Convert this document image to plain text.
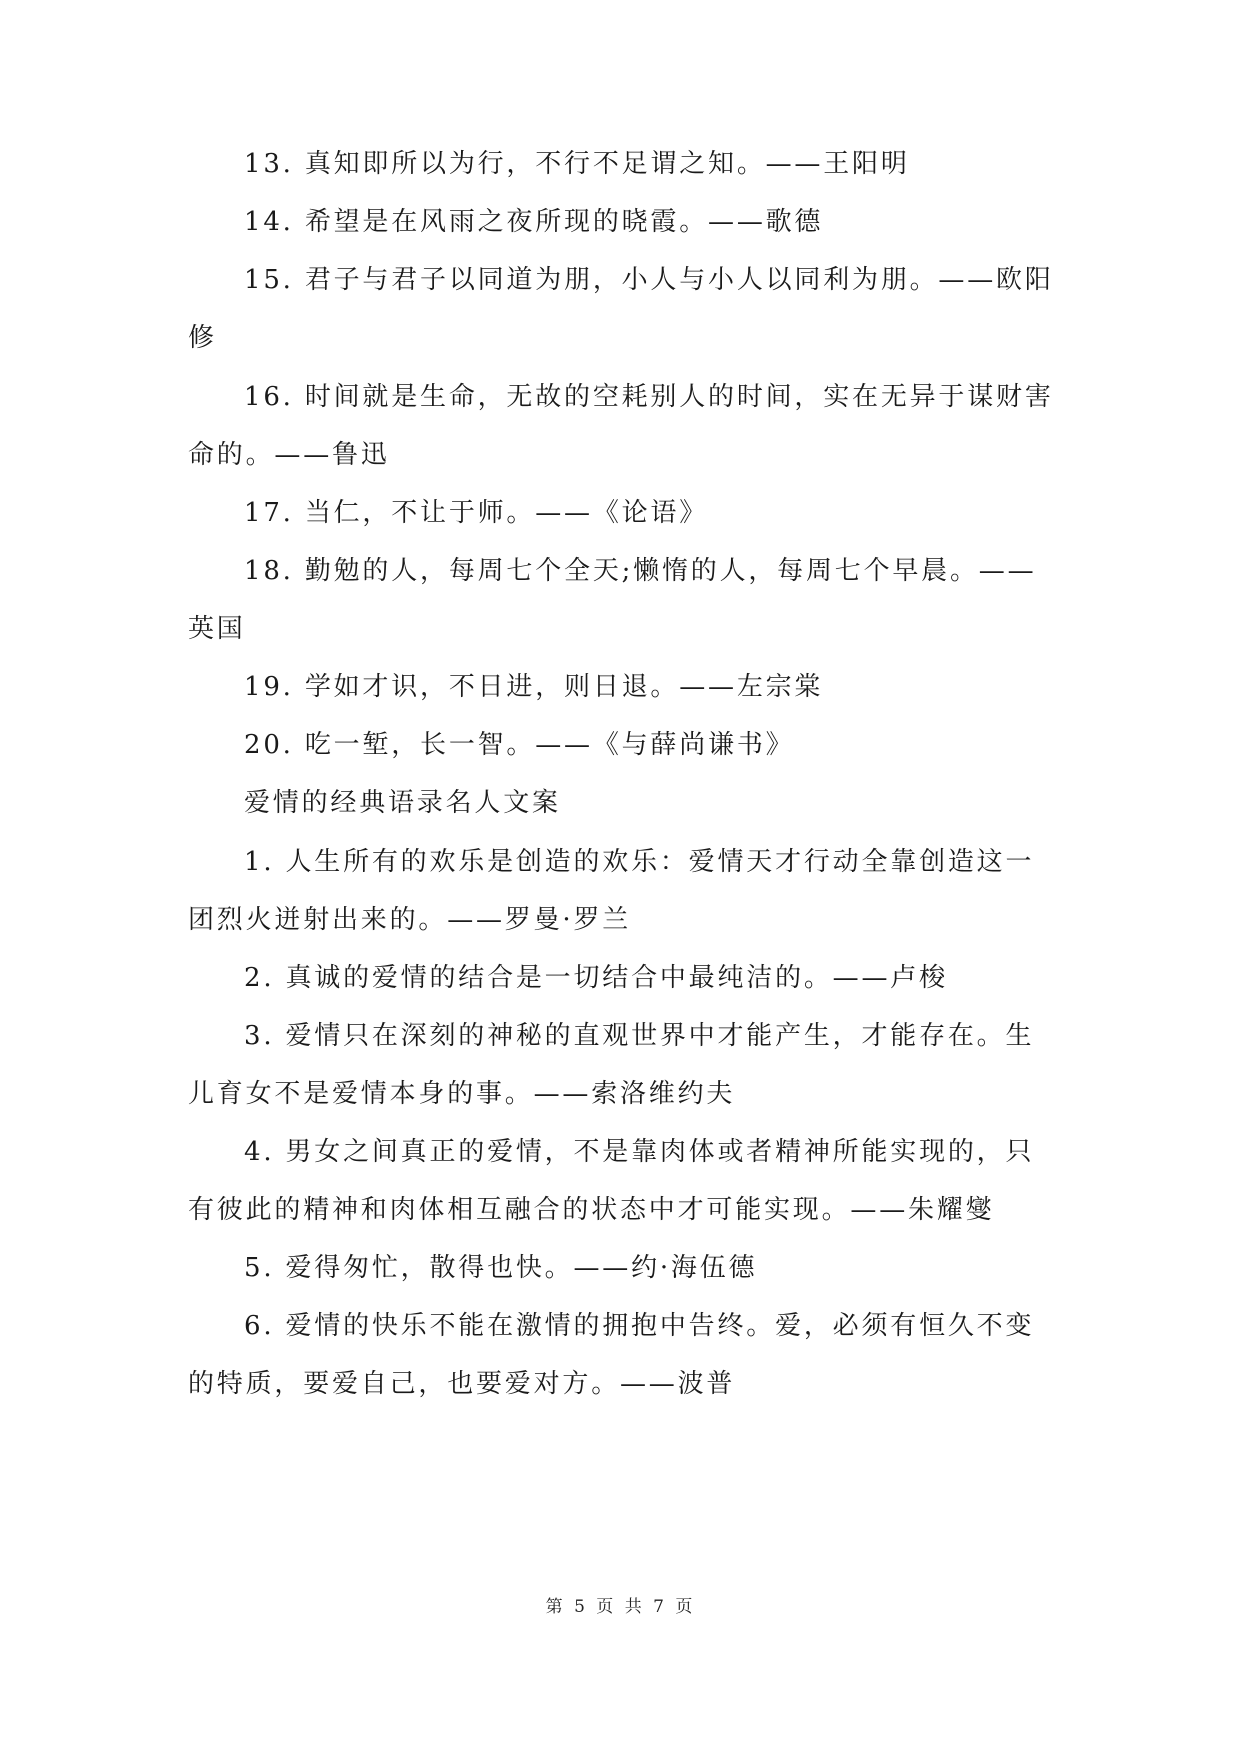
13. 真知即所以为行，不行不足谓之知。——王阳明
14. 希望是在风雨之夜所现的晓霞。——歌德
15. 君子与君子以同道为朋，小人与小人以同利为朋。——欧阳
修
16. 时间就是生命，无故的空耗别人的时间，实在无异于谋财害
命的。——鲁迅
17. 当仁，不让于师。——《论语》
18. 勤勉的人，每周七个全天;懒惰的人，每周七个早晨。——
英国
19. 学如才识，不日进，则日退。——左宗棠
20. 吃一堑，长一智。——《与薛尚谦书》
爱情的经典语录名人文案
1. 人生所有的欢乐是创造的欢乐：爱情天才行动全靠创造这一
团烈火迸射出来的。——罗曼·罗兰
2. 真诚的爱情的结合是一切结合中最纯洁的。——卢梭
3. 爱情只在深刻的神秘的直观世界中才能产生，才能存在。生
儿育女不是爱情本身的事。——索洛维约夫
4. 男女之间真正的爱情，不是靠肉体或者精神所能实现的，只
有彼此的精神和肉体相互融合的状态中才可能实现。——朱耀燮
5. 爱得匆忙，散得也快。——约·海伍德
6. 爱情的快乐不能在激情的拥抱中告终。爱，必须有恒久不变
的特质，要爱自己，也要爱对方。——波普
第 5 页 共 7 页
